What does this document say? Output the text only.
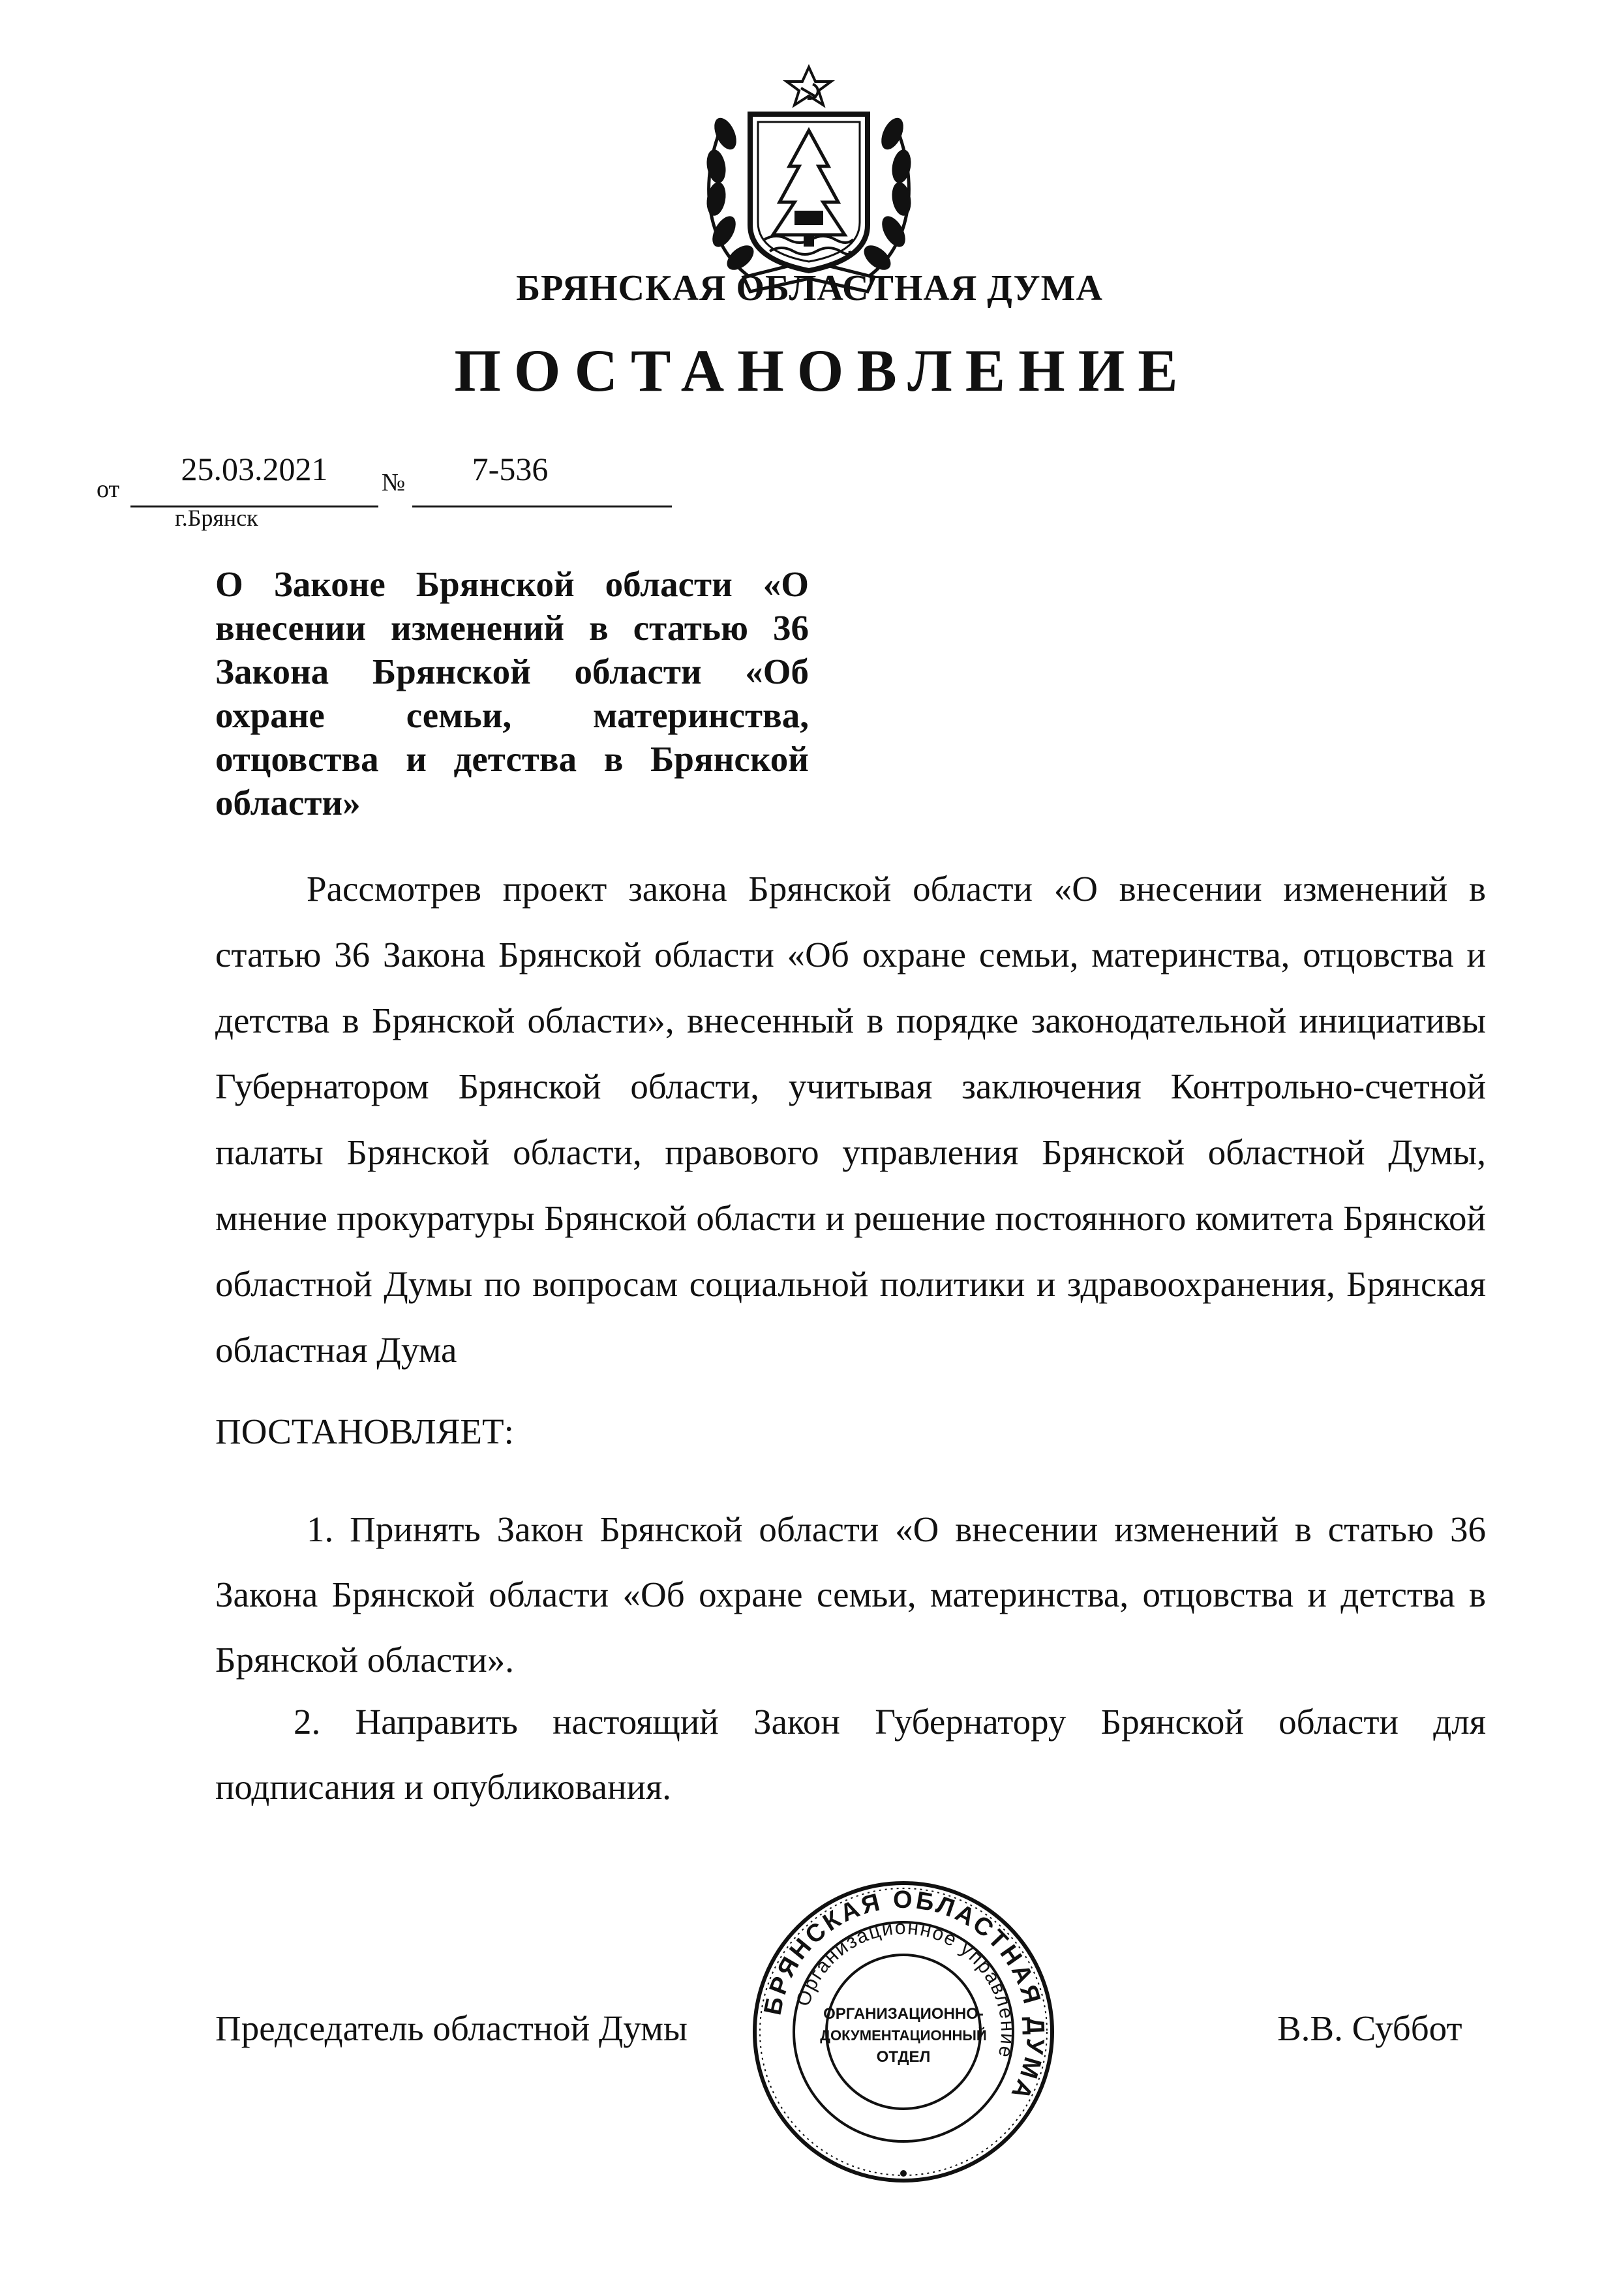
БРЯНСКАЯ ОБЛАСТНАЯ ДУМА
ПОСТАНОВЛЕНИЕ
от
25.03.2021	№	7-536
г.Брянск
О Законе Брянской области «О внесении изменений в статью 36 Закона Брянской области «Об охране семьи, материнства, отцовства и детства в Брянской области»

Рассмотрев проект закона Брянской области «О внесении изменений в статью 36 Закона Брянской области «Об охране семьи, материнства, отцовства и детства в Брянской области», внесенный в порядке законодательной инициативы Губернатором Брянской области, учитывая заключения Контрольно-счетной палаты Брянской области, правового управления Брянской областной Думы, мнение прокуратуры Брянской области и решение постоянного комитета Брянской областной Думы по вопросам социальной политики и здравоохранения, Брянская областная Дума

ПОСТАНОВЛЯЕТ:

1. Принять Закон Брянской области «О внесении изменений в статью 36 Закона Брянской области «Об охране семьи, материнства, отцовства и детства в Брянской области».

2. Направить настоящий Закон Губернатору Брянской области для подписания и опубликования.

Председатель областной Думы	В.В. Суббот
БРЯНСКАЯ ОБЛАСТНАЯ ДУМА
Организационное управление
ОРГАНИЗАЦИОННО-
ДОКУМЕНТАЦИОННЫЙ
ОТДЕЛ
